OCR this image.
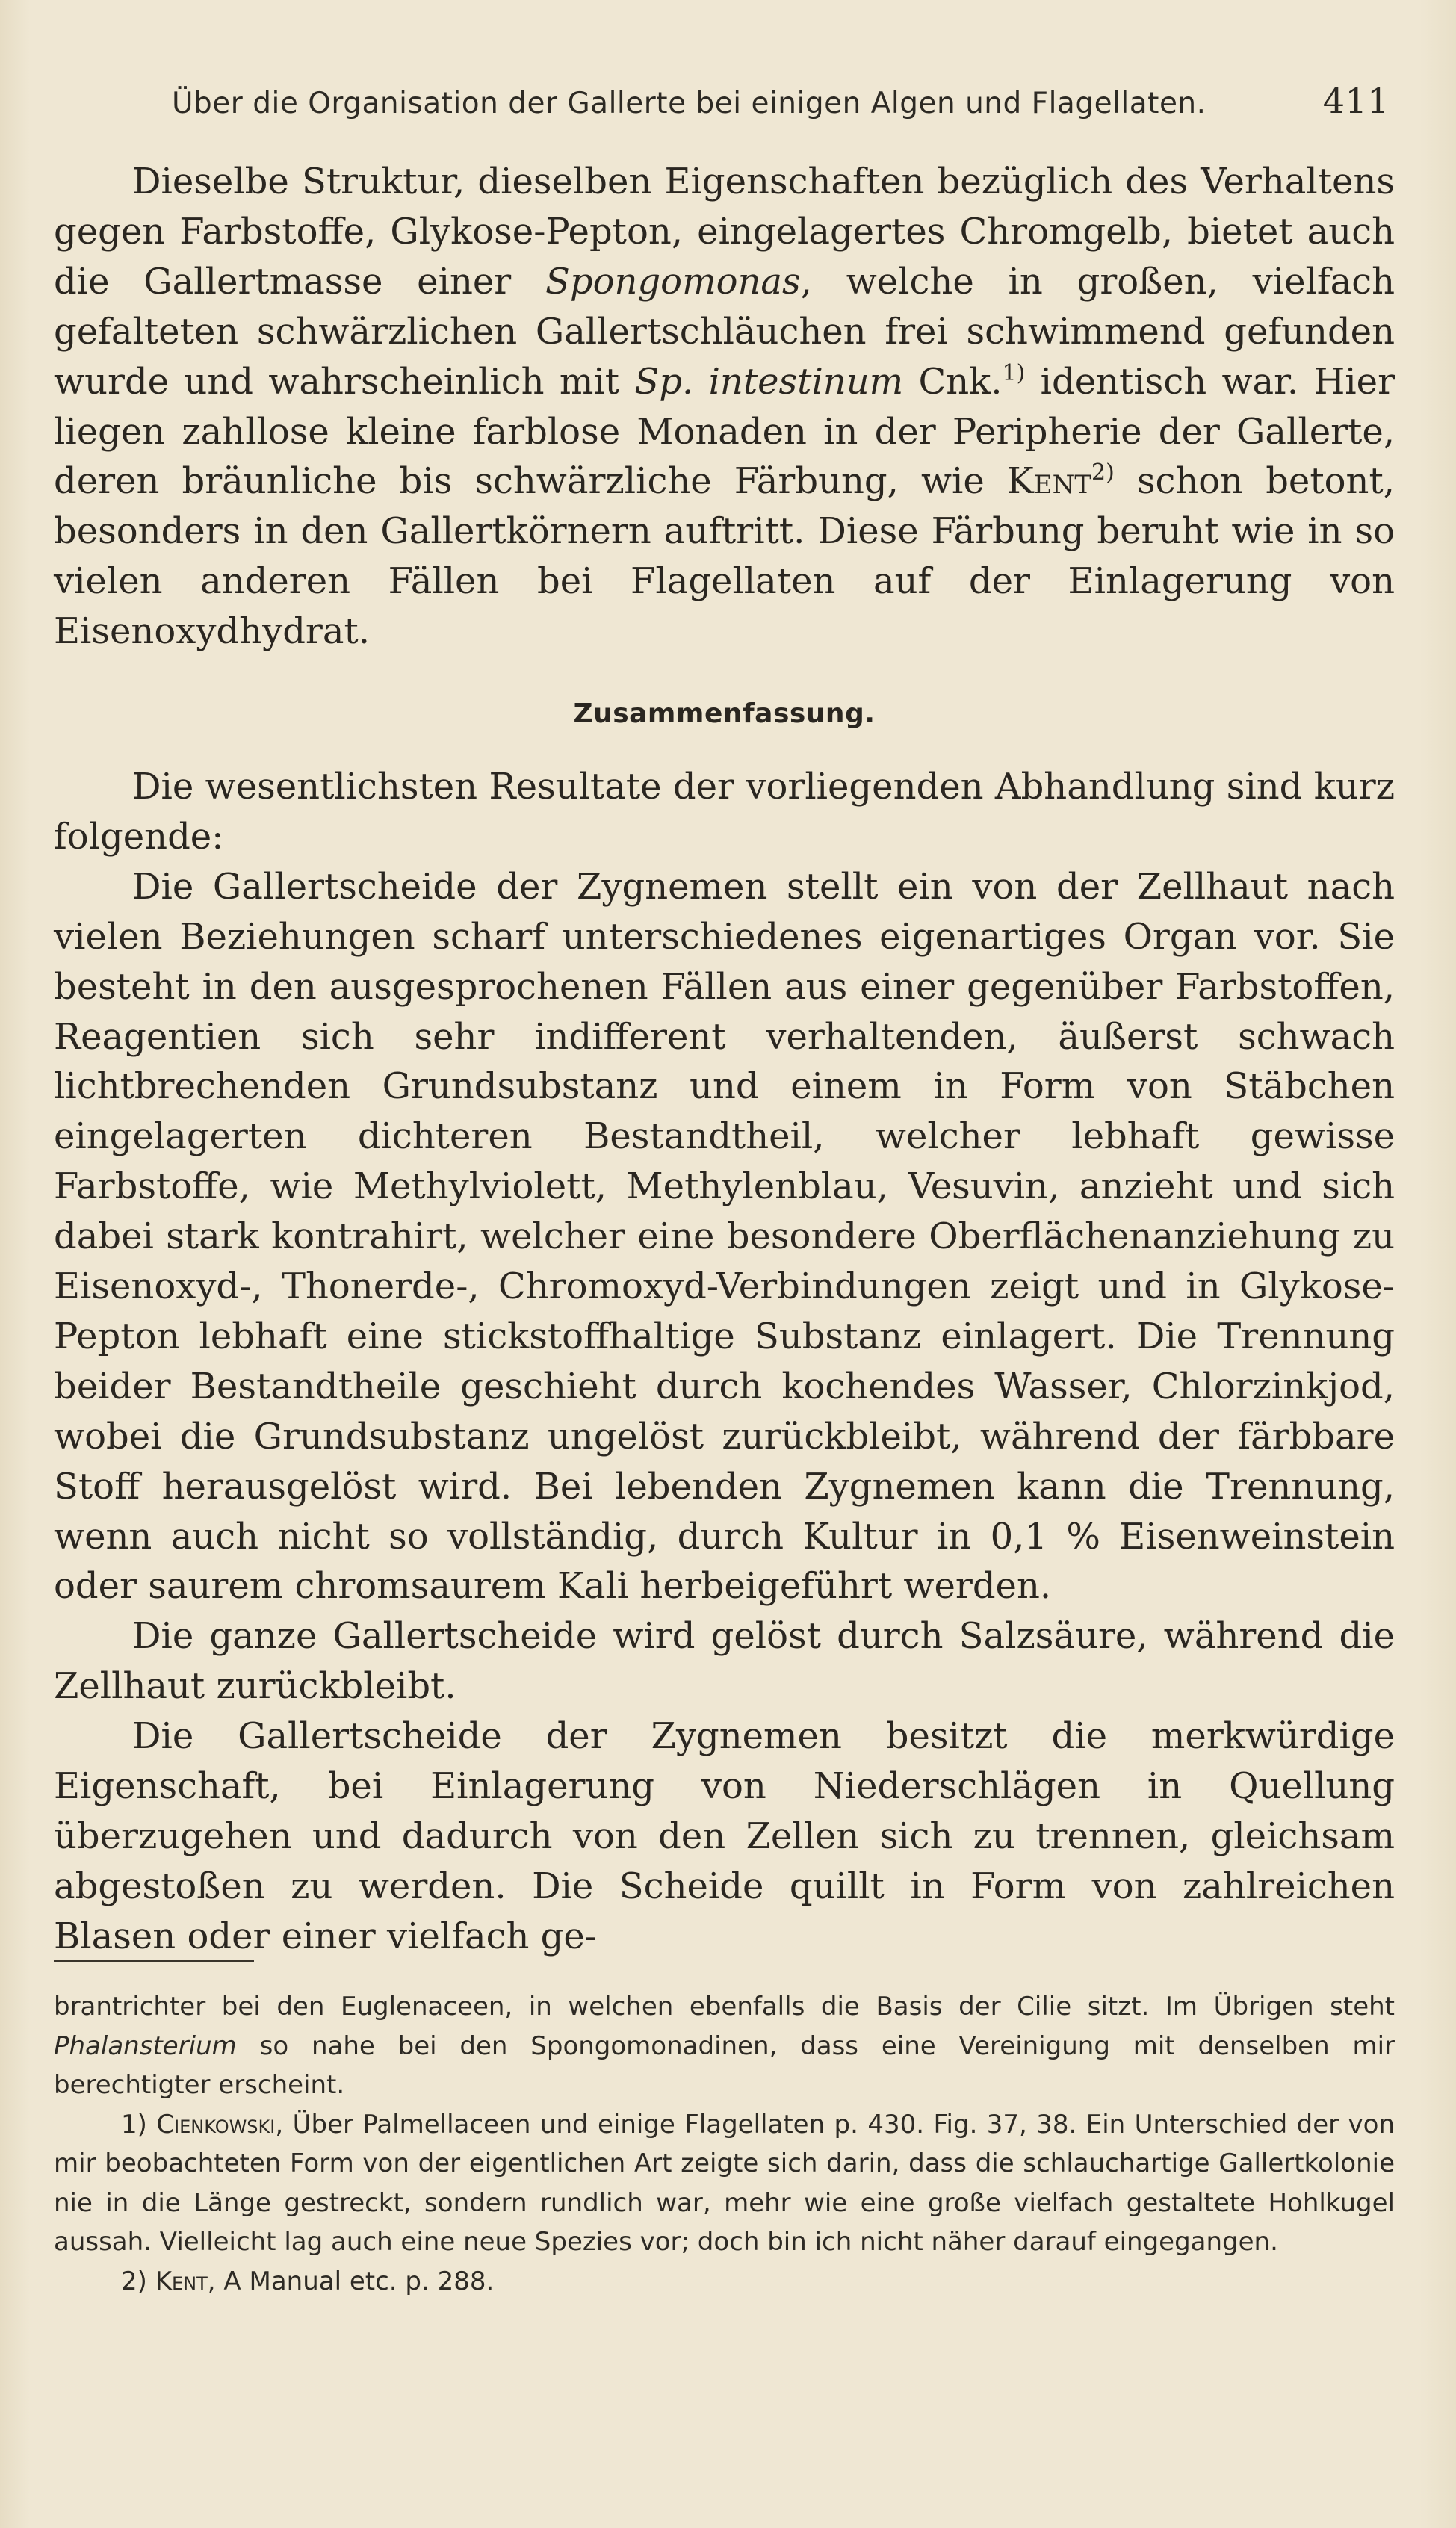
Über die Organisation der Gallerte bei einigen Algen und Flagellaten.	411

Dieselbe Struktur, dieselben Eigenschaften bezüglich des Verhaltens gegen Farbstoffe, Glykose-Pepton, eingelagertes Chromgelb, bietet auch die Gallertmasse einer Spongomonas, welche in großen, vielfach gefalteten schwärzlichen Gallertschläuchen frei schwimmend gefunden wurde und wahrscheinlich mit Sp. intestinum Cnk.$^{1)}$ identisch war. Hier liegen zahllose kleine farblose Monaden in der Peripherie der Gallerte, deren bräunliche bis schwärzliche Färbung, wie Kent$^{2)}$ schon betont, besonders in den Gallertkörnern auftritt. Diese Färbung beruht wie in so vielen anderen Fällen bei Flagellaten auf der Einlagerung von Eisenoxydhydrat.

Zusammenfassung.

Die wesentlichsten Resultate der vorliegenden Abhandlung sind kurz folgende:

Die Gallertscheide der Zygnemen stellt ein von der Zellhaut nach vielen Beziehungen scharf unterschiedenes eigenartiges Organ vor. Sie besteht in den ausgesprochenen Fällen aus einer gegenüber Farbstoffen, Reagentien sich sehr indifferent verhaltenden, äußerst schwach lichtbrechenden Grundsubstanz und einem in Form von Stäbchen eingelagerten dichteren Bestandtheil, welcher lebhaft gewisse Farbstoffe, wie Methylviolett, Methylenblau, Vesuvin, anzieht und sich dabei stark kontrahirt, welcher eine besondere Oberflächenanziehung zu Eisenoxyd-, Thonerde-, Chromoxyd-Verbindungen zeigt und in Glykose-Pepton lebhaft eine stickstoffhaltige Substanz einlagert. Die Trennung beider Bestandtheile geschieht durch kochendes Wasser, Chlorzinkjod, wobei die Grundsubstanz ungelöst zurückbleibt, während der färbbare Stoff herausgelöst wird. Bei lebenden Zygnemen kann die Trennung, wenn auch nicht so vollständig, durch Kultur in 0,1 % Eisenweinstein oder saurem chromsaurem Kali herbeigeführt werden.

Die ganze Gallertscheide wird gelöst durch Salzsäure, während die Zellhaut zurückbleibt.

Die Gallertscheide der Zygnemen besitzt die merkwürdige Eigenschaft, bei Einlagerung von Niederschlägen in Quellung überzugehen und dadurch von den Zellen sich zu trennen, gleichsam abgestoßen zu werden. Die Scheide quillt in Form von zahlreichen Blasen oder einer vielfach ge-

brantrichter bei den Euglenaceen, in welchen ebenfalls die Basis der Cilie sitzt. Im Übrigen steht Phalansterium so nahe bei den Spongomonadinen, dass eine Vereinigung mit denselben mir berechtigter erscheint.

1) Cienkowski, Über Palmellaceen und einige Flagellaten p. 430. Fig. 37, 38. Ein Unterschied der von mir beobachteten Form von der eigentlichen Art zeigte sich darin, dass die schlauchartige Gallertkolonie nie in die Länge gestreckt, sondern rundlich war, mehr wie eine große vielfach gestaltete Hohlkugel aussah. Vielleicht lag auch eine neue Spezies vor; doch bin ich nicht näher darauf eingegangen.

2) Kent, A Manual etc. p. 288.
